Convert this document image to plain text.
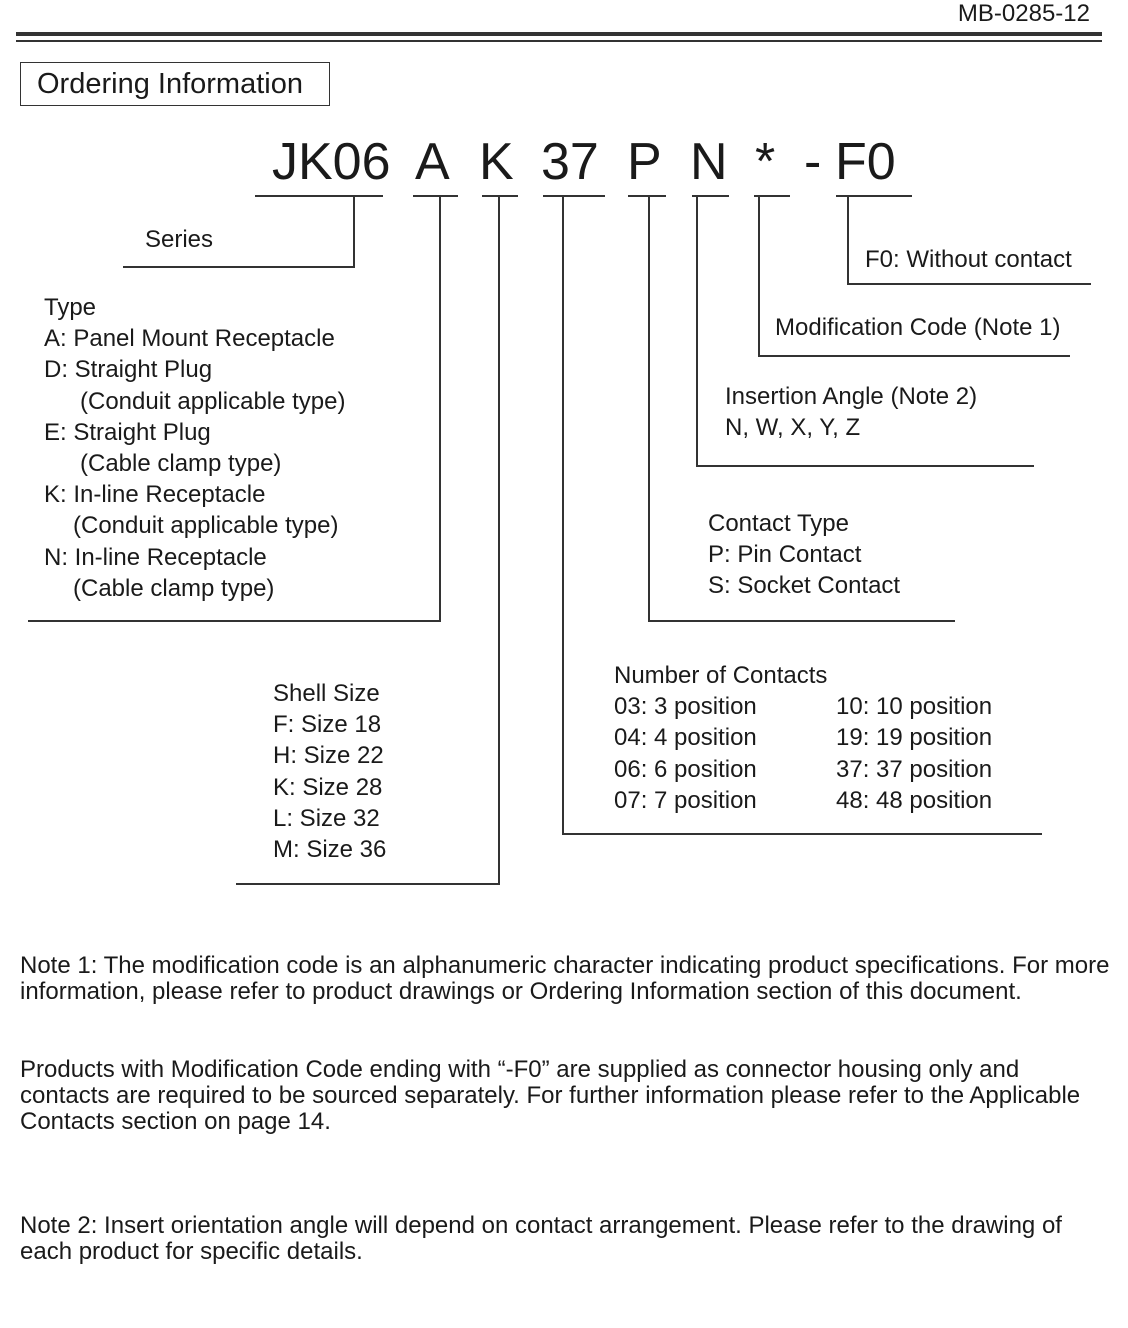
MB-0285-12
Ordering Information
JK06 A K 37 P N * - F0
Series
Type
A: Panel Mount Receptacle
D: Straight Plug
(Conduit applicable type)
E: Straight Plug
(Cable clamp type)
K: In-line Receptacle
(Conduit applicable type)
N: In-line Receptacle
(Cable clamp type)
Shell Size
F: Size 18
H: Size 22
K: Size 28
L: Size 32
M: Size 36
Number of Contacts
03: 3 position	10: 10 position
04: 4 position	19: 19 position
06: 6 position	37: 37 position
07: 7 position	48: 48 position
Contact Type
P: Pin Contact
S: Socket Contact
Insertion Angle (Note 2)
N, W, X, Y, Z
Modification Code (Note 1)
F0: Without contact
Note 1: The modification code is an alphanumeric character indicating product specifications. For more information, please refer to product drawings or Ordering Information section of this document.
Products with Modification Code ending with “-F0” are supplied as connector housing only and contacts are required to be sourced separately. For further information please refer to the Applicable Contacts section on page 14.
Note 2: Insert orientation angle will depend on contact arrangement. Please refer to the drawing of each product for specific details.
